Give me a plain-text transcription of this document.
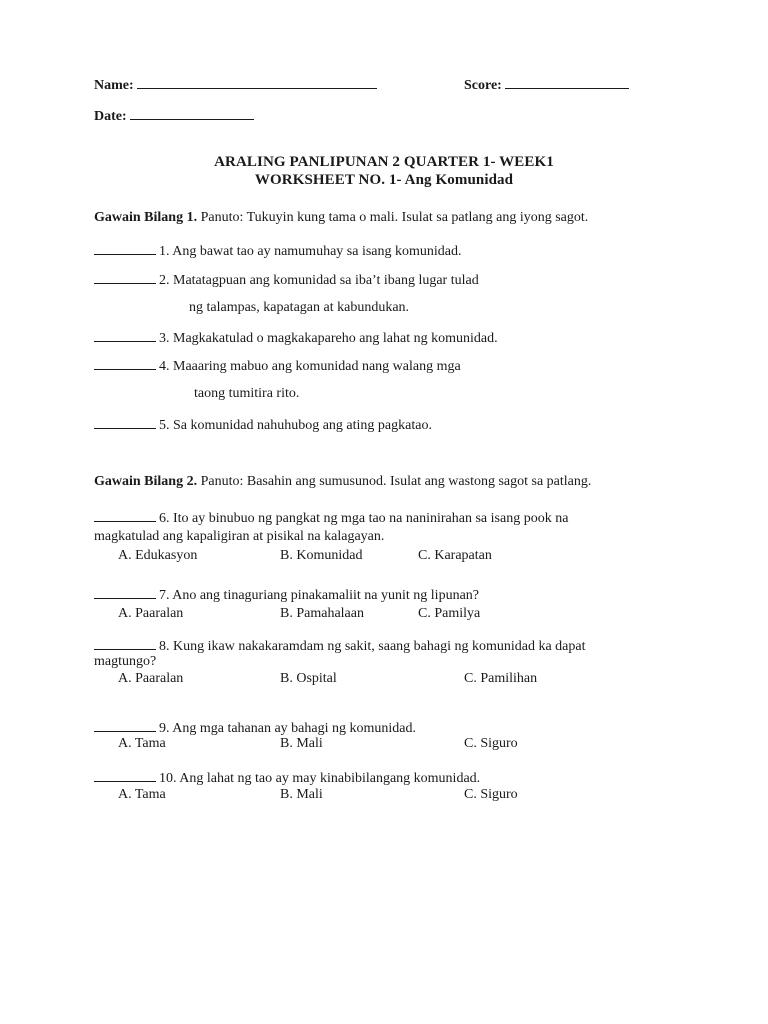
Name:	Score:
Date:
ARALING PANLIPUNAN 2 QUARTER 1- WEEK1
WORKSHEET NO. 1- Ang Komunidad
Gawain Bilang 1. Panuto: Tukuyin kung tama o mali. Isulat sa patlang ang iyong sagot.
1. Ang bawat tao ay namumuhay sa isang komunidad.
2. Matatagpuan ang komunidad sa iba’t ibang lugar tulad
ng talampas, kapatagan at kabundukan.
3. Magkakatulad o magkakapareho ang lahat ng komunidad.
4. Maaaring mabuo ang komunidad nang walang mga
taong tumitira rito.
5. Sa komunidad nahuhubog ang ating pagkatao.
Gawain Bilang 2. Panuto: Basahin ang sumusunod. Isulat ang wastong sagot sa patlang.
6. Ito ay binubuo ng pangkat ng mga tao na naninirahan sa isang pook na
magkatulad ang kapaligiran at pisikal na kalagayan.
A. Edukasyon	B. Komunidad	C. Karapatan
7. Ano ang tinaguriang pinakamaliit na yunit ng lipunan?
A. Paaralan	B. Pamahalaan	C. Pamilya
8. Kung ikaw nakakaramdam ng sakit, saang bahagi ng komunidad ka dapat
magtungo?
A. Paaralan	B. Ospital	C. Pamilihan
9. Ang mga tahanan ay bahagi ng komunidad.
A. Tama	B. Mali	C. Siguro
10. Ang lahat ng tao ay may kinabibilangang komunidad.
A. Tama	B. Mali	C. Siguro
